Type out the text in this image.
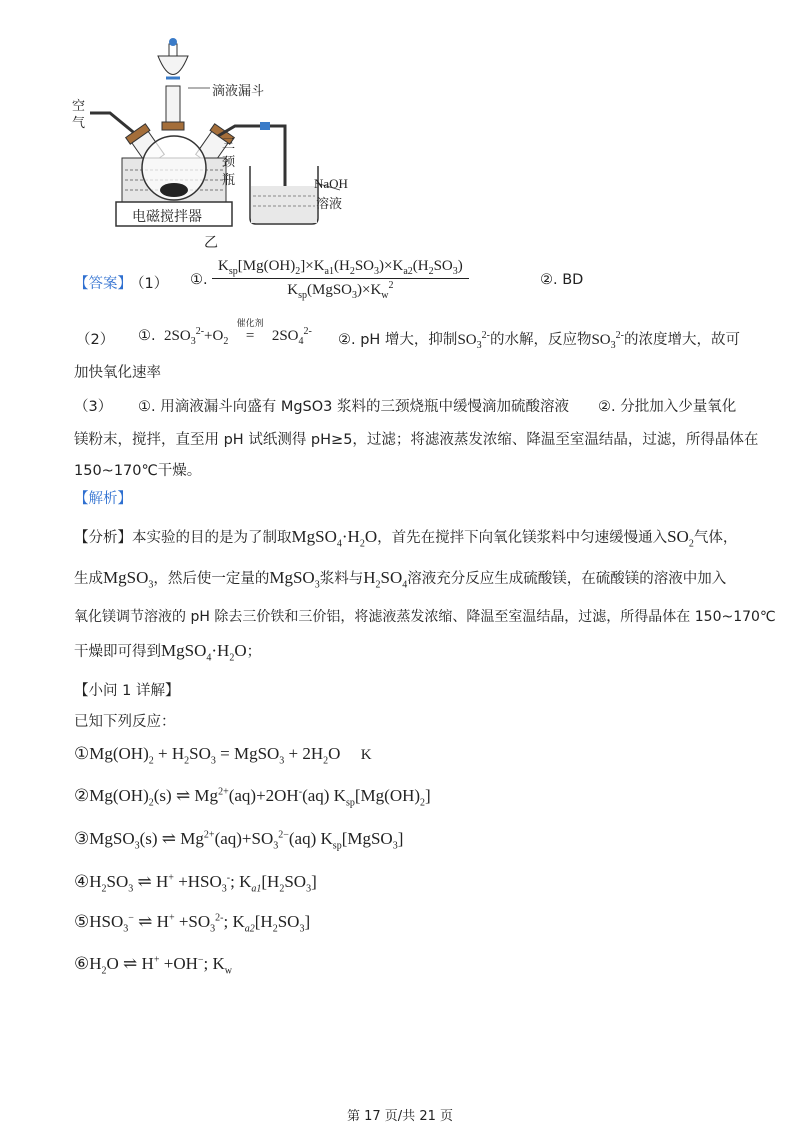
滴液漏斗
空气
三颈瓶	NaOH
溶液
电磁搅拌器
乙
【答案】
（1） ①.
$K_{sp}[Mg(OH)_2]\times K_{a1}(H_2SO_3)\times K_{a2}(H_2SO_3)$
$K_{sp}(MgSO_3)\times K_w^2$	②. BD
（2） ①. $2SO_3^{2-}+O_2$
催化剂
= $2SO_4^{2-}$
②. pH 增大，抑制$SO_3^{2-}$的水解，反应物$SO_3^{2-}$的浓度增大，故可
加快氧化速率
（3） ①. 用滴液漏斗向盛有 MgSO3 浆料的三颈烧瓶中缓慢滴加硫酸溶液　　②. 分批加入少量氧化
镁粉末，搅拌，直至用 pH 试纸测得 pH≥5，过滤；将滤液蒸发浓缩、降温至室温结晶，过滤，所得晶体在
150~170℃干燥。
【解析】
【分析】本实验的目的是为了制取$MgSO_4\cdot H_2O$，首先在搅拌下向氧化镁浆料中匀速缓慢通入$SO_2$气体，
生成MgSO$_3$，然后使一定量的MgSO$_3$浆料与$H_2SO_4$溶液充分反应生成硫酸镁，在硫酸镁的溶液中加入
氧化镁调节溶液的 pH 除去三价铁和三价铝，将滤液蒸发浓缩、降温至室温结晶，过滤，所得晶体在 150~170℃
干燥即可得到$MgSO_4\cdot H_2O$；
【小问 1 详解】
已知下列反应：
$①Mg(OH)_2 + H_2SO_3$ = MgSO$_3$ + $2H_2O$ K
$②Mg(OH)_2(s)$ ⇌ $Mg^{2+}(aq)+2OH^-(aq)$ $K_{sp}[Mg(OH)_2]$
③MgSO$_3$(s) ⇌ $Mg^{2+}(aq)+SO_3^{2-}(aq)$ $K_{sp}[MgSO_3]$
$④H_2SO_3$ ⇌ $H^+ +HSO_3^-$; $K_{a1}[H_2SO_3]$
$⑤HSO_3^-$ ⇌ $H^+ +SO_3^{2-}$; $K_{a2}[H_2SO_3]$
$⑥H_2O$ ⇌ H+ +OH−; $K_w$
第 17 页/共 21 页
